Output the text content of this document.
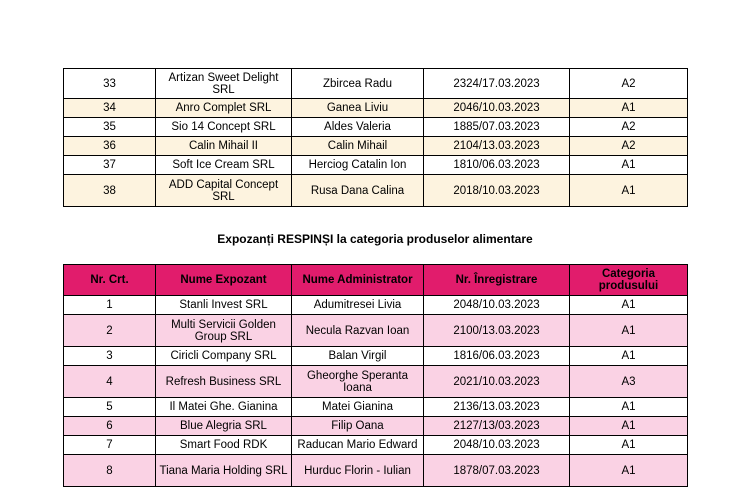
33	Artizan Sweet Delight SRL	Zbircea Radu	2324/17.03.2023	A2
34	Anro Complet SRL	Ganea Liviu	2046/10.03.2023	A1
35	Sio 14 Concept SRL	Aldes Valeria	1885/07.03.2023	A2
36	Calin Mihail II	Calin Mihail	2104/13.03.2023	A2
37	Soft Ice Cream SRL	Herciog Catalin Ion	1810/06.03.2023	A1
38	ADD Capital Concept SRL	Rusa Dana Calina	2018/10.03.2023	A1
Expozanți RESPINȘI la categoria produselor alimentare
Nr. Crt.	Nume Expozant	Nume Administrator	Nr. Înregistrare	Categoria produsului
1	Stanli Invest SRL	Adumitresei Livia	2048/10.03.2023	A1
2	Multi Servicii Golden Group SRL	Necula Razvan Ioan	2100/13.03.2023	A1
3	Ciricli Company SRL	Balan Virgil	1816/06.03.2023	A1
4	Refresh Business SRL	Gheorghe Speranta Ioana	2021/10.03.2023	A3
5	Il Matei Ghe. Gianina	Matei Gianina	2136/13.03.2023	A1
6	Blue Alegria SRL	Filip Oana	2127/13/03.2023	A1
7	Smart Food RDK	Raducan Mario Edward	2048/10.03.2023	A1
8	Tiana Maria Holding SRL	Hurduc Florin - Iulian	1878/07.03.2023	A1
